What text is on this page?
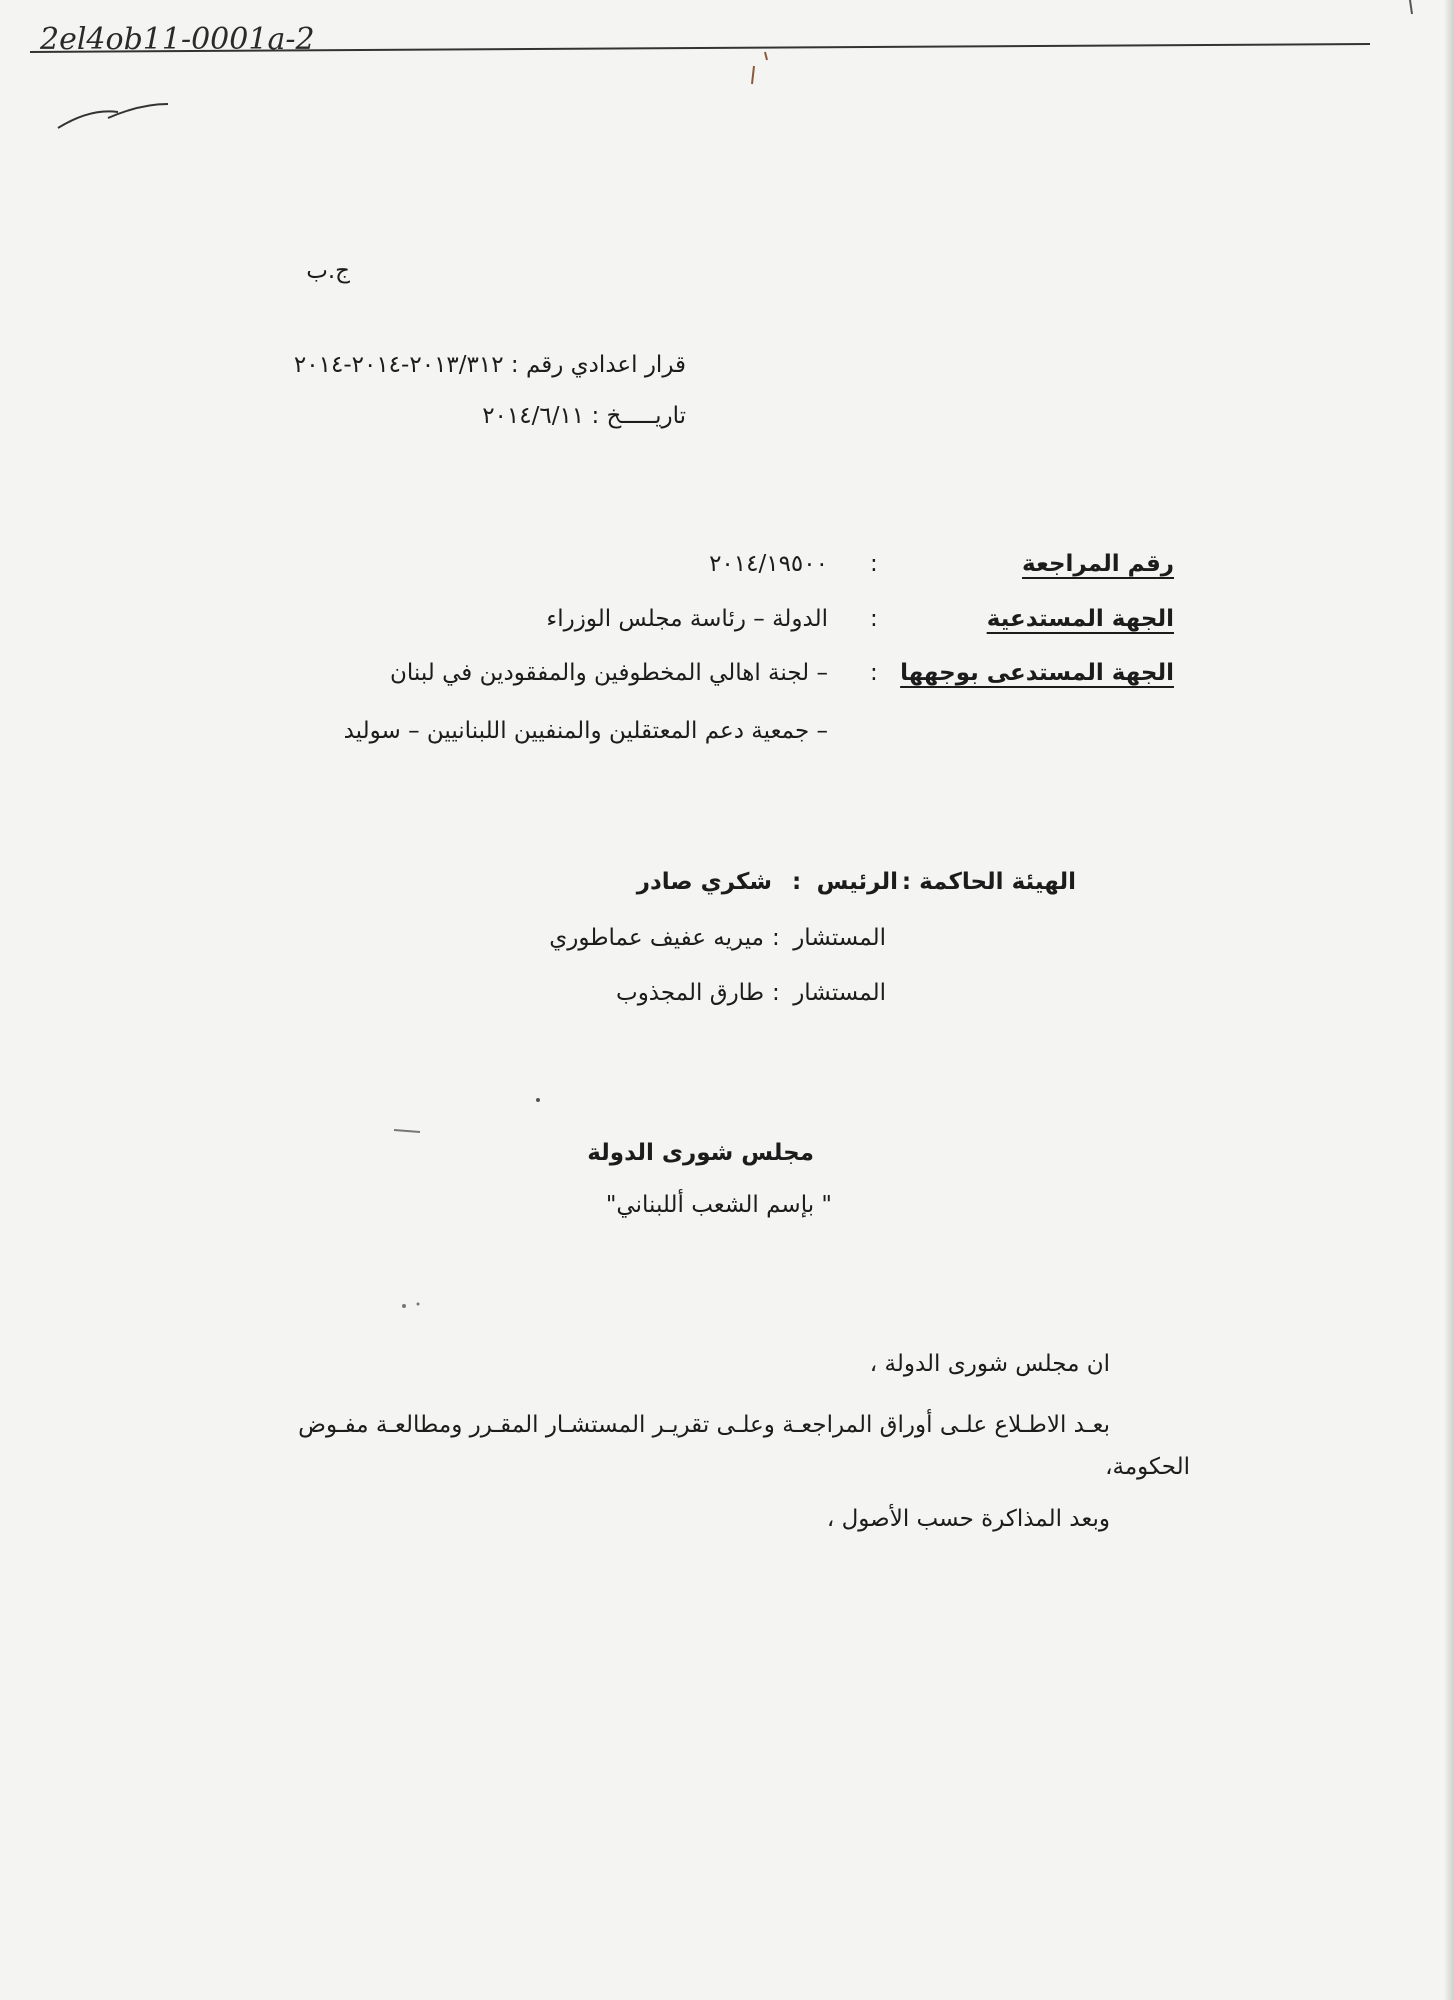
2el4ob11-0001a-2
ج.ب
قرار اعدادي رقم : ٢٠١٣/٣١٢-٢٠١٤-٢٠١٤
تاريـــــخ : ٢٠١٤/٦/١١
رقم المراجعة
:
٢٠١٤/١٩٥٠٠
الجهة المستدعية
:
الدولة – رئاسة مجلس الوزراء
الجهة المستدعى بوجهها
:
– لجنة اهالي المخطوفين والمفقودين في لبنان
– جمعية دعم المعتقلين والمنفيين اللبنانيين – سوليد
الهيئة الحاكمة :
الرئيس
:
شكري صادر
المستشار
:
ميريه عفيف عماطوري
المستشار
:
طارق المجذوب
مجلس شورى الدولة
" بإسم الشعب أللبناني"
ان مجلس شورى الدولة ،
بعـد الاطـلاع علـى أوراق المراجعـة وعلـى تقريـر المستشـار المقـرر ومطالعـة مفـوض
الحكومة،
وبعد المذاكرة حسب الأصول ،
